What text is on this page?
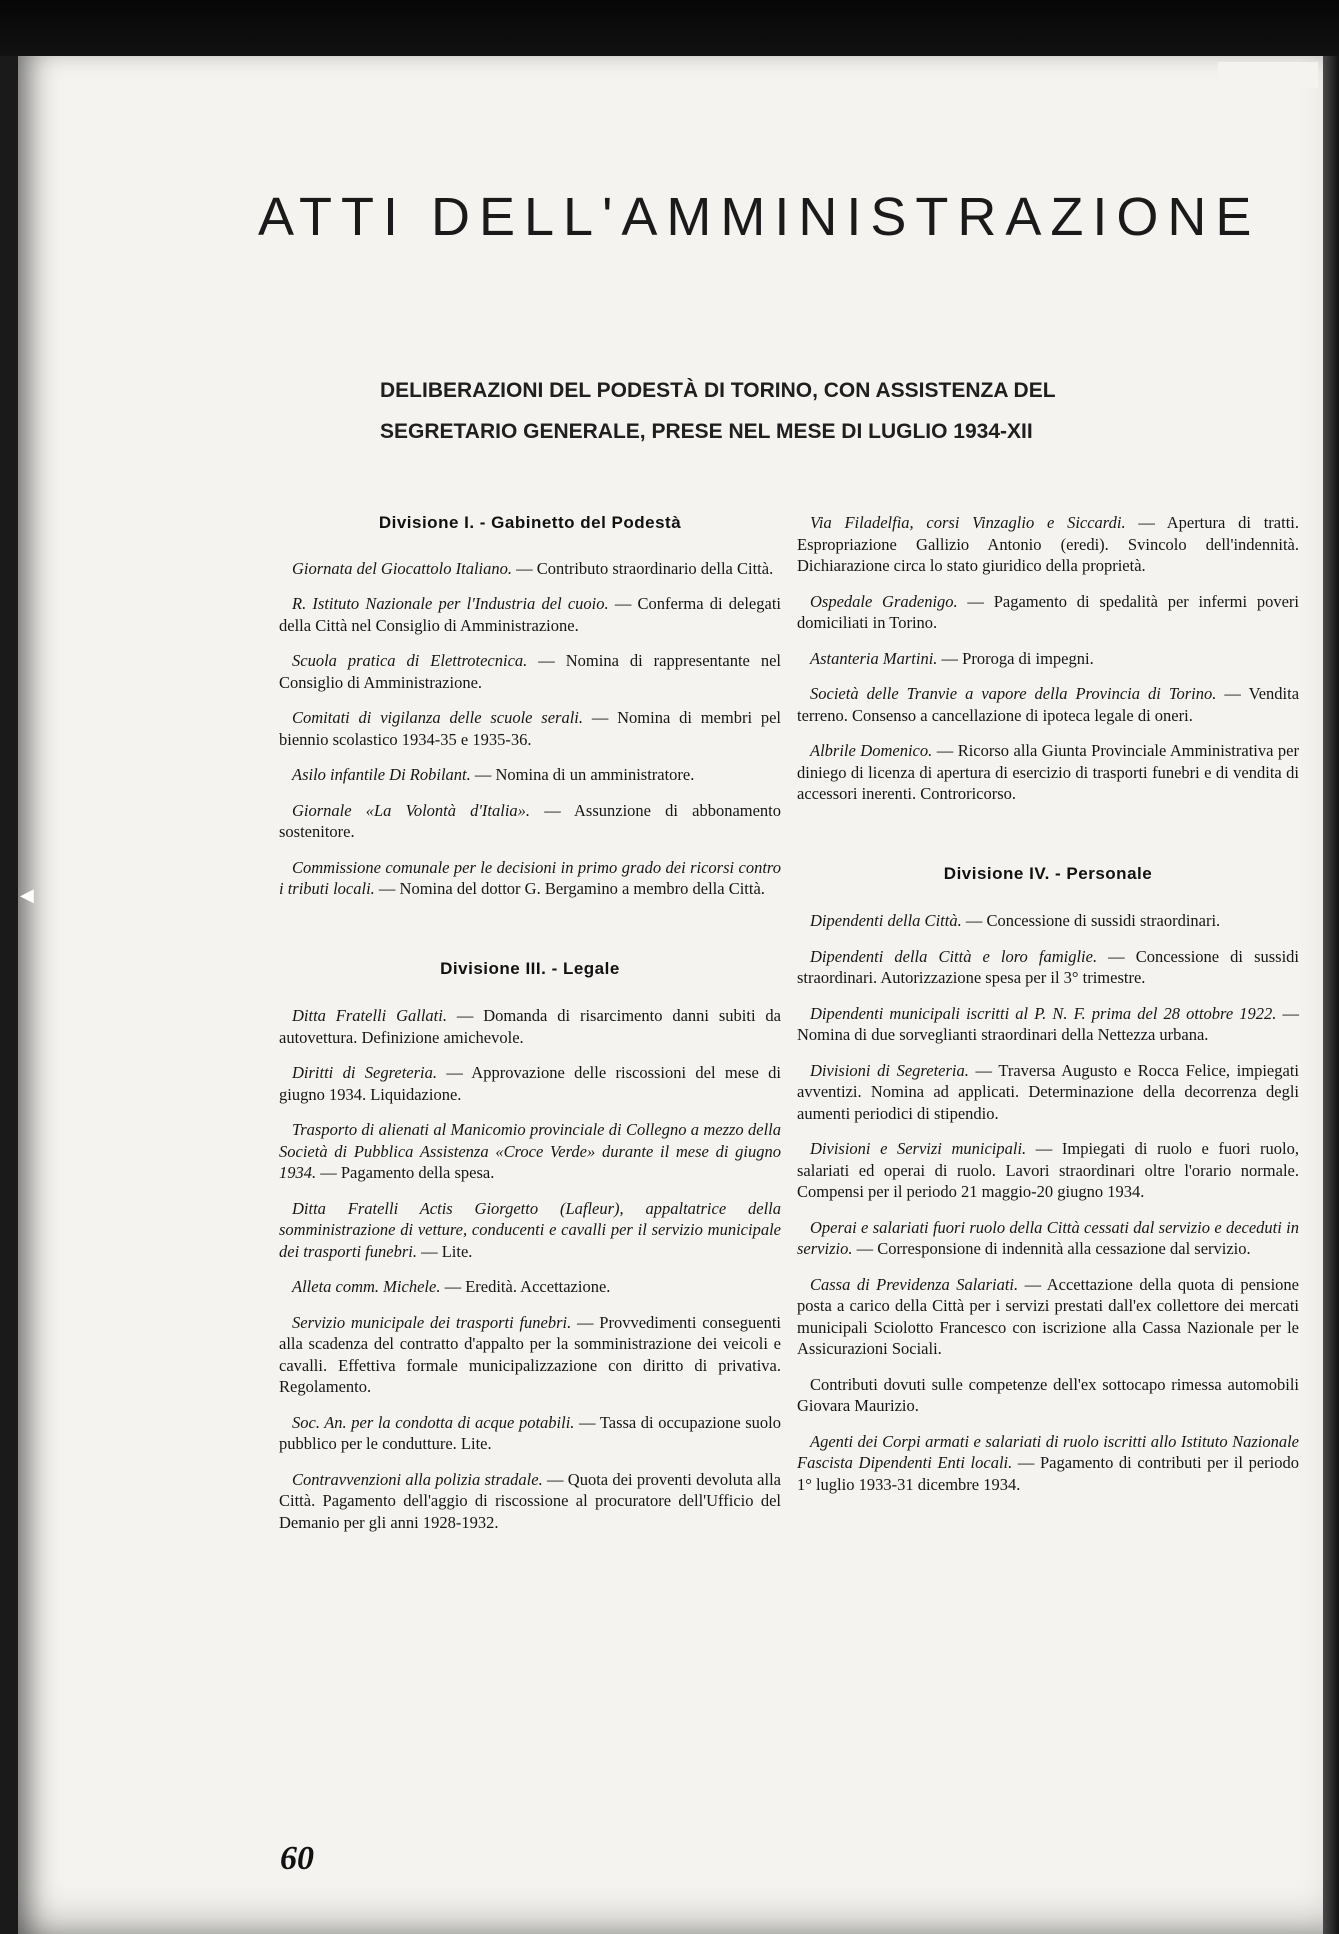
◀
ATTI DELL'AMMINISTRAZIONE
DELIBERAZIONI DEL PODESTÀ DI TORINO, CON ASSISTENZA DEL
SEGRETARIO GENERALE, PRESE NEL MESE DI LUGLIO 1934-XII
Divisione I. - Gabinetto del Podestà

Giornata del Giocattolo Italiano. — Contributo straordinario della Città.

R. Istituto Nazionale per l'Industria del cuoio. — Conferma di delegati della Città nel Consiglio di Amministrazione.

Scuola pratica di Elettrotecnica. — Nomina di rappresentante nel Consiglio di Amministrazione.

Comitati di vigilanza delle scuole serali. — Nomina di membri pel biennio scolastico 1934-35 e 1935-36.

Asilo infantile Di Robilant. — Nomina di un amministratore.

Giornale «La Volontà d'Italia». — Assunzione di abbonamento sostenitore.

Commissione comunale per le decisioni in primo grado dei ricorsi contro i tributi locali. — Nomina del dottor G. Bergamino a membro della Città.

Divisione III. - Legale

Ditta Fratelli Gallati. — Domanda di risarcimento danni subiti da autovettura. Definizione amichevole.

Diritti di Segreteria. — Approvazione delle riscossioni del mese di giugno 1934. Liquidazione.

Trasporto di alienati al Manicomio provinciale di Collegno a mezzo della Società di Pubblica Assistenza «Croce Verde» durante il mese di giugno 1934. — Pagamento della spesa.

Ditta Fratelli Actis Giorgetto (Lafleur), appaltatrice della somministrazione di vetture, conducenti e cavalli per il servizio municipale dei trasporti funebri. — Lite.

Alleta comm. Michele. — Eredità. Accettazione.

Servizio municipale dei trasporti funebri. — Provvedimenti conseguenti alla scadenza del contratto d'appalto per la somministrazione dei veicoli e cavalli. Effettiva formale municipalizzazione con diritto di privativa. Regolamento.

Soc. An. per la condotta di acque potabili. — Tassa di occupazione suolo pubblico per le condutture. Lite.

Contravvenzioni alla polizia stradale. — Quota dei proventi devoluta alla Città. Pagamento dell'aggio di riscossione al procuratore dell'Ufficio del Demanio per gli anni 1928-1932.

Via Filadelfia, corsi Vinzaglio e Siccardi. — Apertura di tratti. Espropriazione Gallizio Antonio (eredi). Svincolo dell'indennità. Dichiarazione circa lo stato giuridico della proprietà.

Ospedale Gradenigo. — Pagamento di spedalità per infermi poveri domiciliati in Torino.

Astanteria Martini. — Proroga di impegni.

Società delle Tranvie a vapore della Provincia di Torino. — Vendita terreno. Consenso a cancellazione di ipoteca legale di oneri.

Albrile Domenico. — Ricorso alla Giunta Provinciale Amministrativa per diniego di licenza di apertura di esercizio di trasporti funebri e di vendita di accessori inerenti. Controricorso.

Divisione IV. - Personale

Dipendenti della Città. — Concessione di sussidi straordinari.

Dipendenti della Città e loro famiglie. — Concessione di sussidi straordinari. Autorizzazione spesa per il 3° trimestre.

Dipendenti municipali iscritti al P. N. F. prima del 28 ottobre 1922. — Nomina di due sorveglianti straordinari della Nettezza urbana.

Divisioni di Segreteria. — Traversa Augusto e Rocca Felice, impiegati avventizi. Nomina ad applicati. Determinazione della decorrenza degli aumenti periodici di stipendio.

Divisioni e Servizi municipali. — Impiegati di ruolo e fuori ruolo, salariati ed operai di ruolo. Lavori straordinari oltre l'orario normale. Compensi per il periodo 21 maggio-20 giugno 1934.

Operai e salariati fuori ruolo della Città cessati dal servizio e deceduti in servizio. — Corresponsione di indennità alla cessazione dal servizio.

Cassa di Previdenza Salariati. — Accettazione della quota di pensione posta a carico della Città per i servizi prestati dall'ex collettore dei mercati municipali Sciolotto Francesco con iscrizione alla Cassa Nazionale per le Assicurazioni Sociali.

Contributi dovuti sulle competenze dell'ex sottocapo rimessa automobili Giovara Maurizio.

Agenti dei Corpi armati e salariati di ruolo iscritti allo Istituto Nazionale Fascista Dipendenti Enti locali. — Pagamento di contributi per il periodo 1° luglio 1933-31 dicembre 1934.

60
